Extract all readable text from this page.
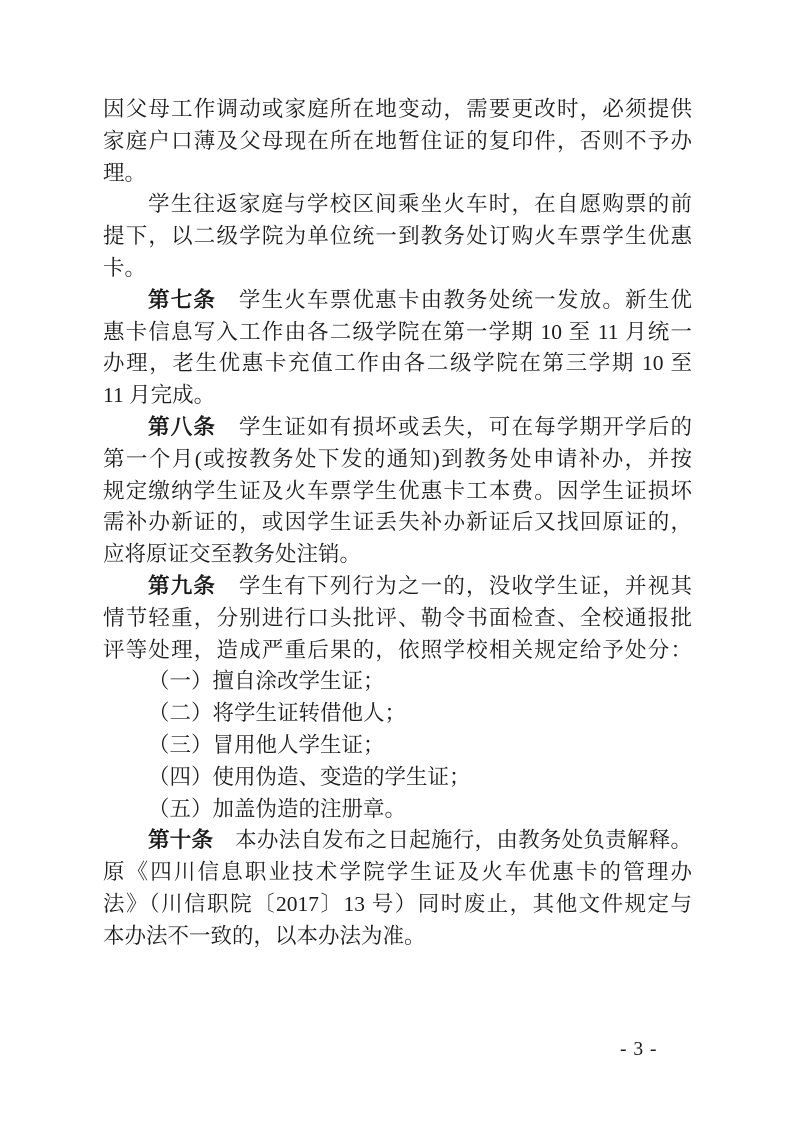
因父母工作调动或家庭所在地变动，需要更改时，必须提供
家庭户口薄及父母现在所在地暂住证的复印件，否则不予办
理。
学生往返家庭与学校区间乘坐火车时，在自愿购票的前
提下，以二级学院为单位统一到教务处订购火车票学生优惠
卡。
第七条　学生火车票优惠卡由教务处统一发放。新生优
惠卡信息写入工作由各二级学院在第一学期 10 至 11 月统一
办理，老生优惠卡充值工作由各二级学院在第三学期 10 至
11 月完成。
第八条　学生证如有损坏或丢失，可在每学期开学后的
第一个月(或按教务处下发的通知)到教务处申请补办，并按
规定缴纳学生证及火车票学生优惠卡工本费。因学生证损坏
需补办新证的，或因学生证丢失补办新证后又找回原证的，
应将原证交至教务处注销。
第九条　学生有下列行为之一的，没收学生证，并视其
情节轻重，分别进行口头批评、勒令书面检查、全校通报批
评等处理，造成严重后果的，依照学校相关规定给予处分：
（一）擅自涂改学生证；
（二）将学生证转借他人；
（三）冒用他人学生证；
（四）使用伪造、变造的学生证；
（五）加盖伪造的注册章。
第十条　本办法自发布之日起施行，由教务处负责解释。
原《四川信息职业技术学院学生证及火车优惠卡的管理办
法》（川信职院〔2017〕13 号）同时废止，其他文件规定与
本办法不一致的，以本办法为准。
- 3 -
